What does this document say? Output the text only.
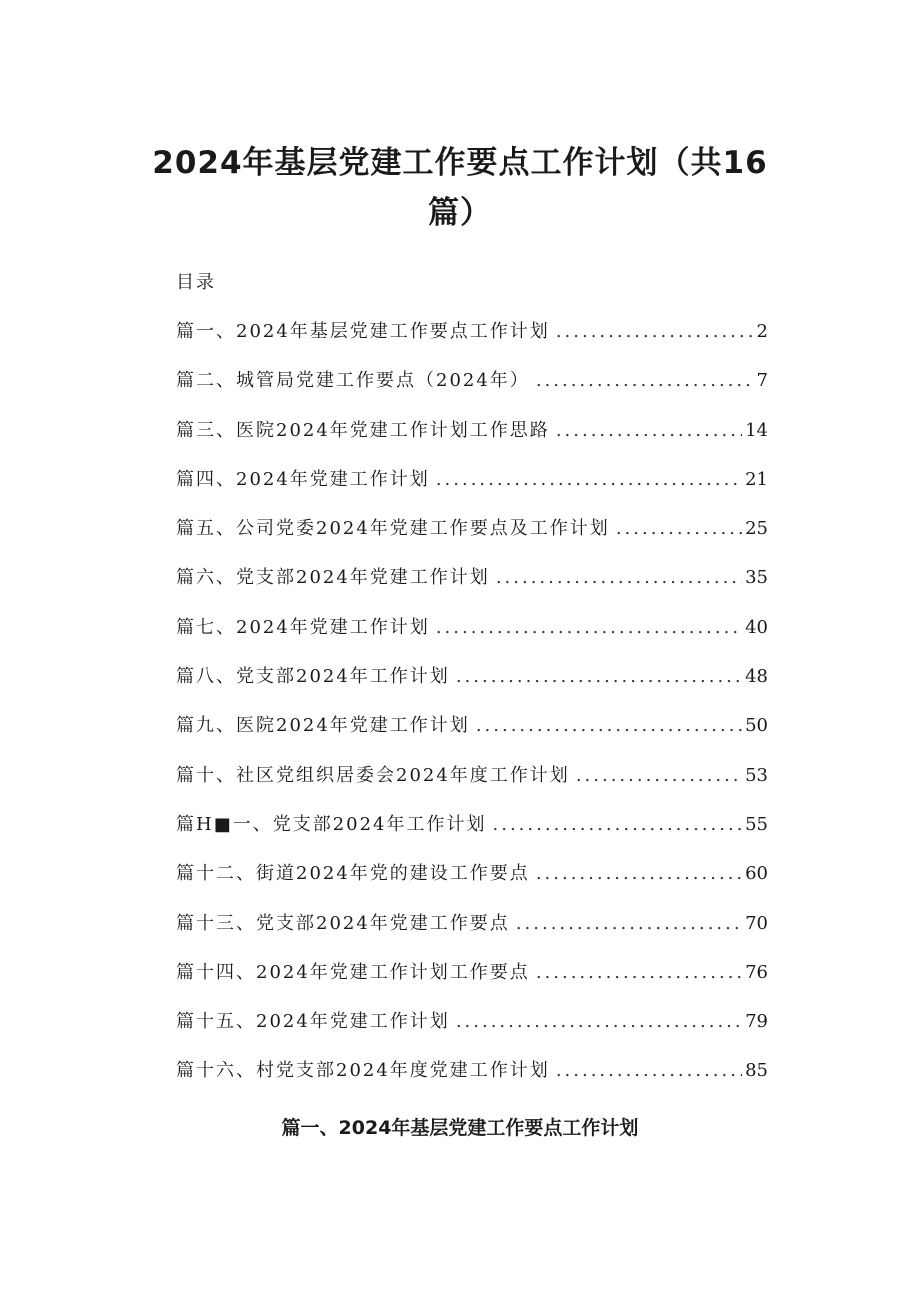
2024年基层党建工作要点工作计划（共16
篇）

目录

篇一、2024年基层党建工作要点工作计划 .....	2
篇二、城管局党建工作要点（2024年） .....	7
篇三、医院2024年党建工作计划工作思路 .....	14
篇四、2024年党建工作计划 .....	21
篇五、公司党委2024年党建工作要点及工作计划 .....	25
篇六、党支部2024年党建工作计划 .....	35
篇七、2024年党建工作计划 .....	40
篇八、党支部2024年工作计划 .....	48
篇九、医院2024年党建工作计划 .....	50
篇十、社区党组织居委会2024年度工作计划 .....	53
篇H■一、党支部2024年工作计划 .....	55
篇十二、街道2024年党的建设工作要点 .....	60
篇十三、党支部2024年党建工作要点 .....	70
篇十四、2024年党建工作计划工作要点 .....	76
篇十五、2024年党建工作计划 .....	79
篇十六、村党支部2024年度党建工作计划 .....	85
篇一、2024年基层党建工作要点工作计划
